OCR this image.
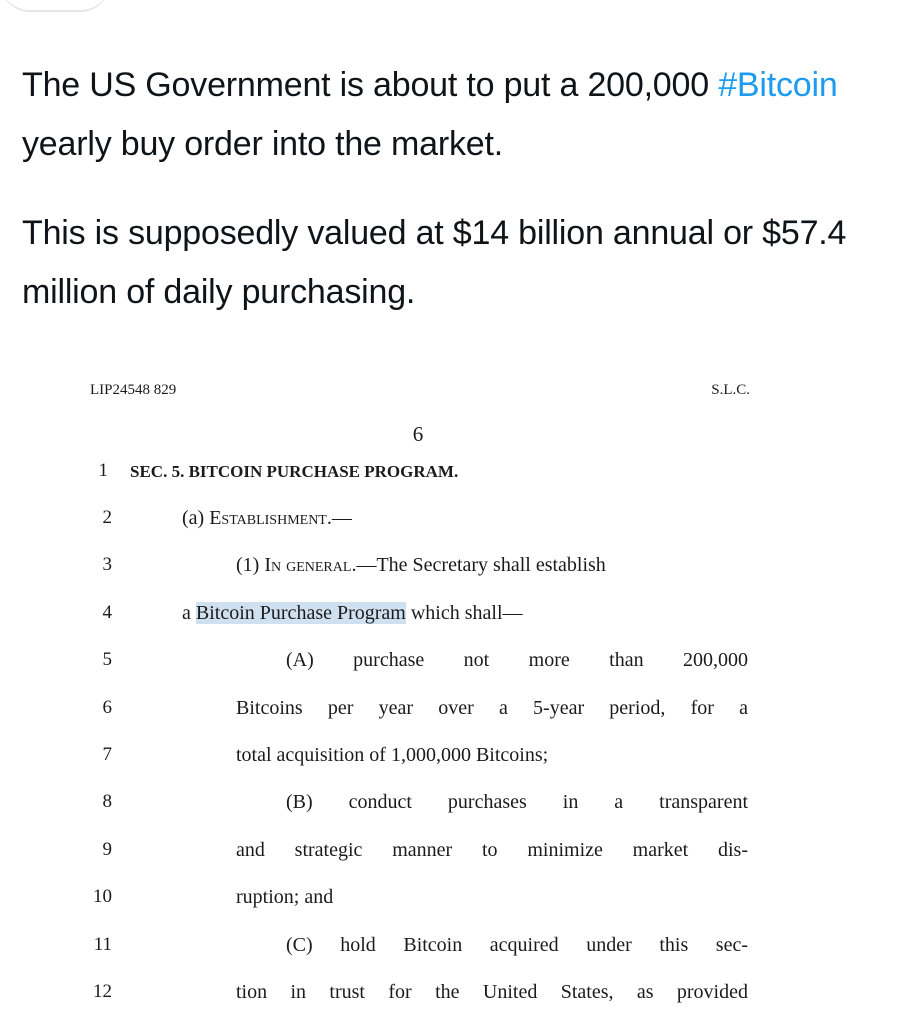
The US Government is about to put a 200,000 #Bitcoin yearly buy order into the market.

This is supposedly valued at $14 billion annual or $57.4 million of daily purchasing.

LIP24548 829	S.L.C.
6
1 SEC. 5. BITCOIN PURCHASE PROGRAM.
2	(a) Establishment.—
3	(1) In general.—The Secretary shall establish
4	a Bitcoin Purchase Program which shall—
5	(A) purchase not more than 200,000
6	Bitcoins per year over a 5-year period, for a
7	total acquisition of 1,000,000 Bitcoins;
8	(B) conduct purchases in a transparent
9	and strategic manner to minimize market dis-
10	ruption; and
11	(C) hold Bitcoin acquired under this sec-
12	tion in trust for the United States, as provided
